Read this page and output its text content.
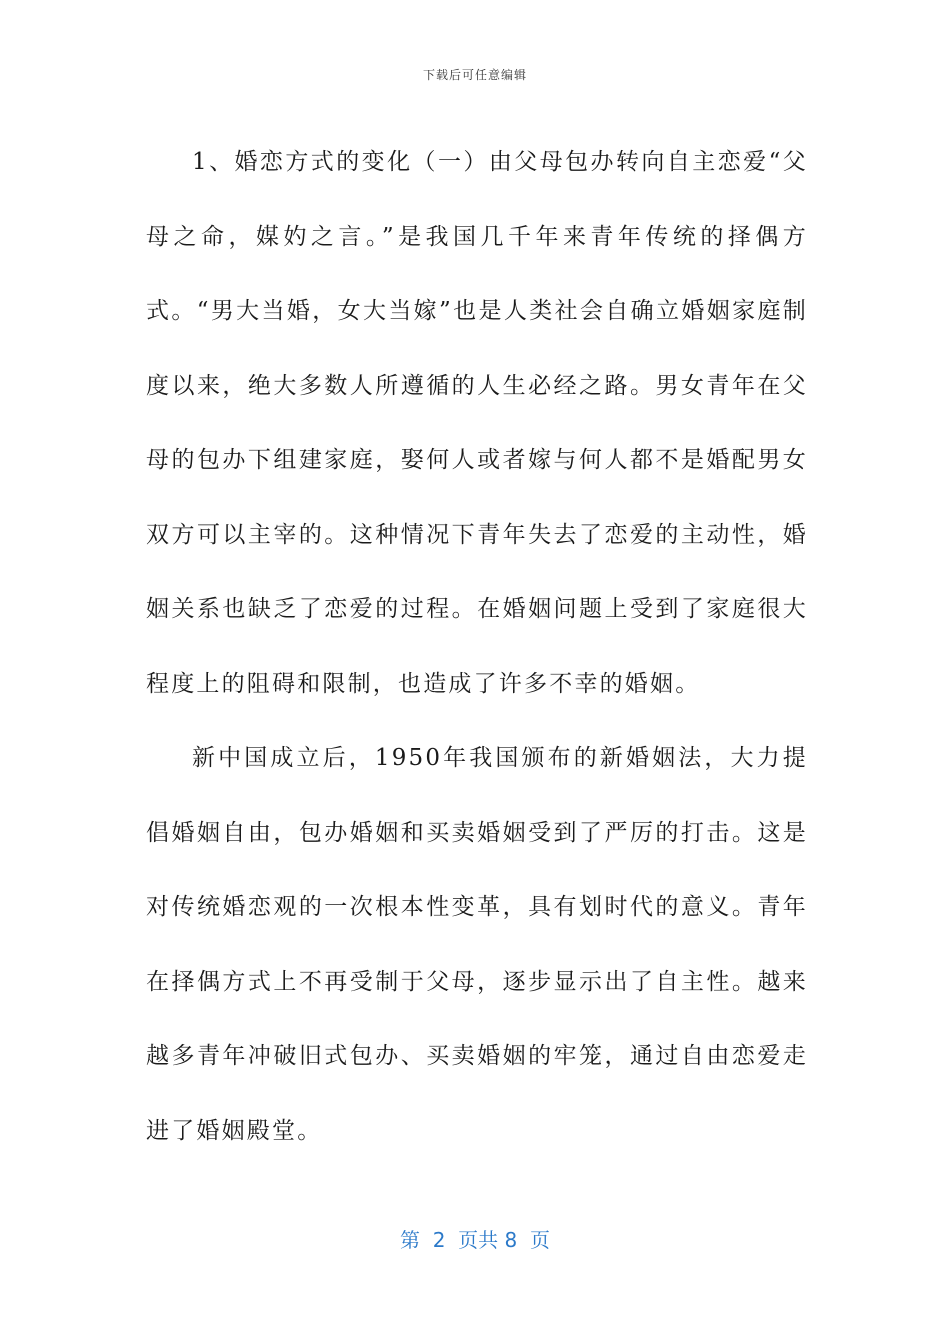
下载后可任意编辑

1、婚恋方式的变化（一）由父母包办转向自主恋爱“父母之命，媒妁之言。”是我国几千年来青年传统的择偶方式。“男大当婚，女大当嫁”也是人类社会自确立婚姻家庭制度以来，绝大多数人所遵循的人生必经之路。男女青年在父母的包办下组建家庭，娶何人或者嫁与何人都不是婚配男女双方可以主宰的。这种情况下青年失去了恋爱的主动性，婚姻关系也缺乏了恋爱的过程。在婚姻问题上受到了家庭很大程度上的阻碍和限制，也造成了许多不幸的婚姻。

新中国成立后，1950年我国颁布的新婚姻法，大力提倡婚姻自由，包办婚姻和买卖婚姻受到了严厉的打击。这是对传统婚恋观的一次根本性变革，具有划时代的意义。青年在择偶方式上不再受制于父母，逐步显示出了自主性。越来越多青年冲破旧式包办、买卖婚姻的牢笼，通过自由恋爱走进了婚姻殿堂。

第  2  页共 8  页
